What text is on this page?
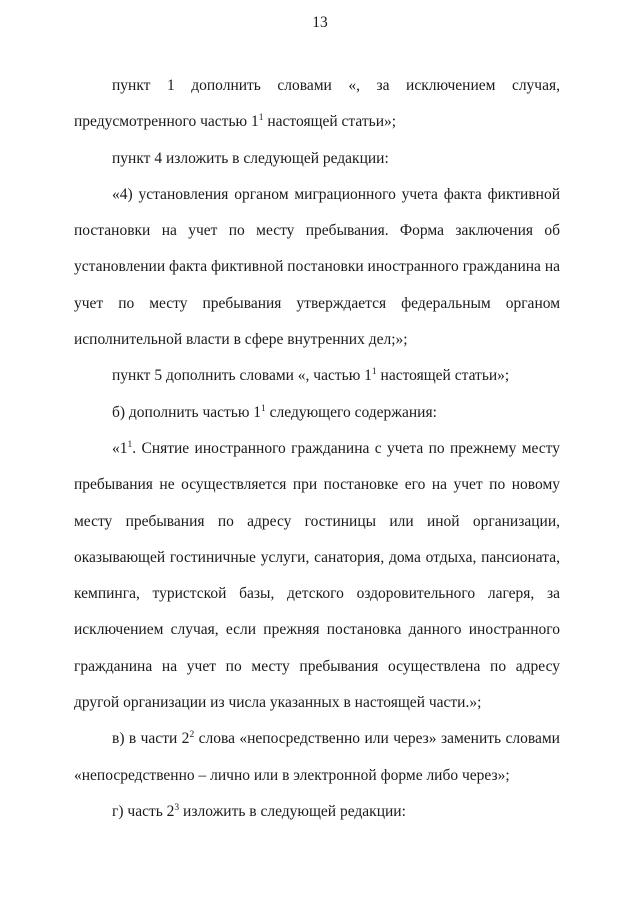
13

пункт 1 дополнить словами «, за исключением случая, предусмотренного частью $1^1$ настоящей статьи»;

пункт 4 изложить в следующей редакции:

«4) установления органом миграционного учета факта фиктивной постановки на учет по месту пребывания. Форма заключения об установлении факта фиктивной постановки иностранного гражданина на учет по месту пребывания утверждается федеральным органом исполнительной власти в сфере внутренних дел;»;

пункт 5 дополнить словами «, частью $1^1$ настоящей статьи»;

б) дополнить частью $1^1$ следующего содержания:

«$1^1$. Снятие иностранного гражданина с учета по прежнему месту пребывания не осуществляется при постановке его на учет по новому месту пребывания по адресу гостиницы или иной организации, оказывающей гостиничные услуги, санатория, дома отдыха, пансионата, кемпинга, туристской базы, детского оздоровительного лагеря, за исключением случая, если прежняя постановка данного иностранного гражданина на учет по месту пребывания осуществлена по адресу другой организации из числа указанных в настоящей части.»;

в) в части $2^2$ слова «непосредственно или через» заменить словами «непосредственно – лично или в электронной форме либо через»;

г) часть $2^3$ изложить в следующей редакции:
